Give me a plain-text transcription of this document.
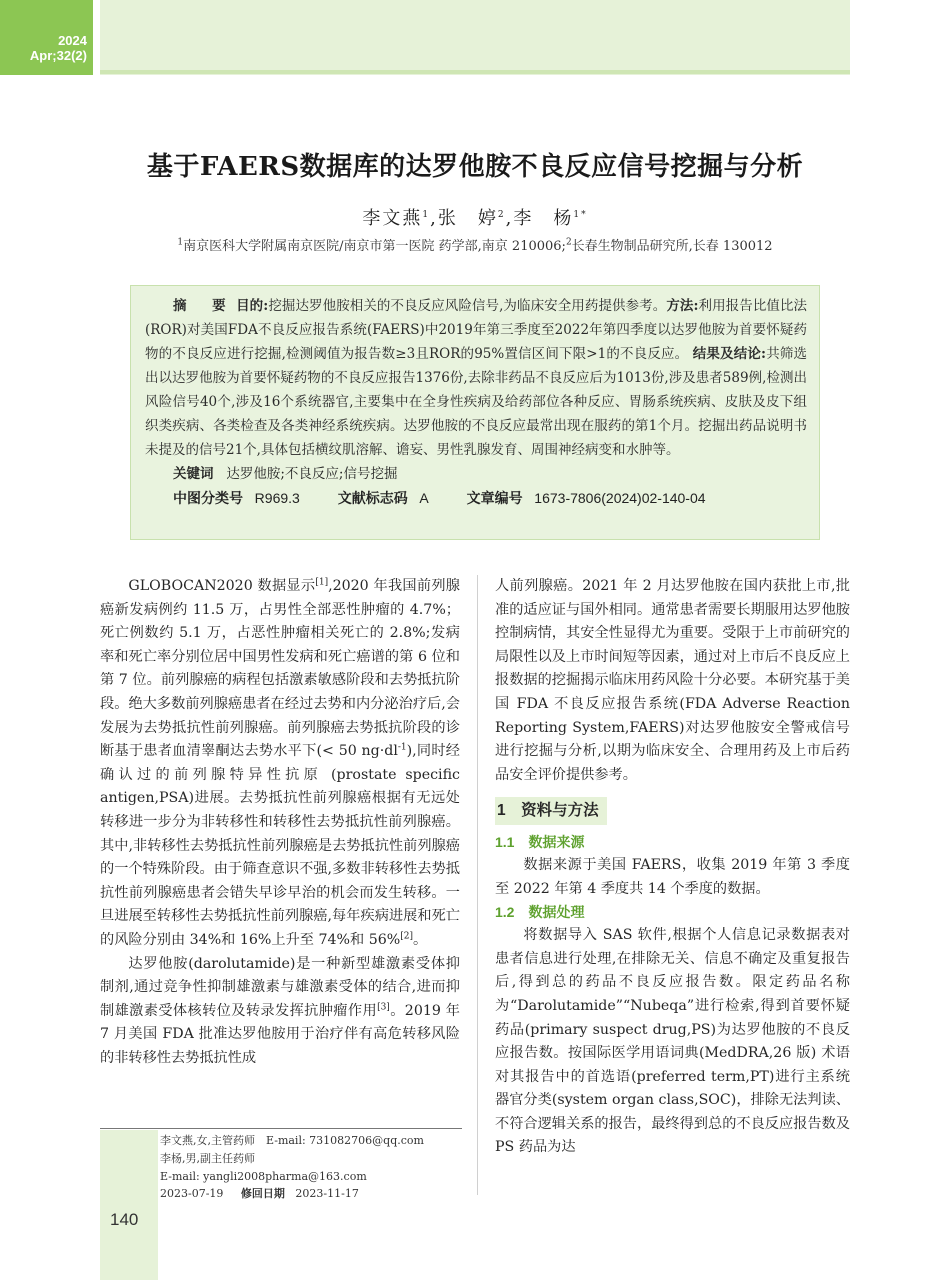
2024
Apr;32(2)
基于FAERS数据库的达罗他胺不良反应信号挖掘与分析
李文燕$^1$,张　婷$^2$,李　杨$^{1*}$
$^1$南京医科大学附属南京医院/南京市第一医院 药学部,南京 210006;$^2$长春生物制品研究所,长春 130012
摘　要 目的:挖掘达罗他胺相关的不良反应风险信号,为临床安全用药提供参考。方法:利用报告比值比法(ROR)对美国FDA不良反应报告系统(FAERS)中2019年第三季度至2022年第四季度以达罗他胺为首要怀疑药物的不良反应进行挖掘,检测阈值为报告数≥3且ROR的95%置信区间下限>1的不良反应。 结果及结论:共筛选出以达罗他胺为首要怀疑药物的不良反应报告1376份,去除非药品不良反应后为1013份,涉及患者589例,检测出风险信号40个,涉及16个系统器官,主要集中在全身性疾病及给药部位各种反应、胃肠系统疾病、皮肤及皮下组织类疾病、各类检查及各类神经系统疾病。达罗他胺的不良反应最常出现在服药的第1个月。挖掘出药品说明书未提及的信号21个,具体包括横纹肌溶解、谵妄、男性乳腺发育、周围神经病变和水肿等。
关键词 达罗他胺;不良反应;信号挖掘
中图分类号 R969.3	文献标志码 A	文章编号 1673-7806(2024)02-140-04

GLOBOCAN2020 数据显示[1],2020 年我国前列腺癌新发病例约 11.5 万，占男性全部恶性肿瘤的 4.7%；死亡例数约 5.1 万，占恶性肿瘤相关死亡的 2.8%;发病率和死亡率分别位居中国男性发病和死亡癌谱的第 6 位和第 7 位。前列腺癌的病程包括激素敏感阶段和去势抵抗阶段。绝大多数前列腺癌患者在经过去势和内分泌治疗后,会发展为去势抵抗性前列腺癌。前列腺癌去势抵抗阶段的诊断基于患者血清睾酮达去势水平下(< 50 $ng\cdot dl^{-1}$),同时经确认过的前列腺特异性抗原 (prostate specific antigen,PSA)进展。去势抵抗性前列腺癌根据有无远处转移进一步分为非转移性和转移性去势抵抗性前列腺癌。其中,非转移性去势抵抗性前列腺癌是去势抵抗性前列腺癌的一个特殊阶段。由于筛查意识不强,多数非转移性去势抵抗性前列腺癌患者会错失早诊早治的机会而发生转移。一旦进展至转移性去势抵抗性前列腺癌,每年疾病进展和死亡的风险分别由 34%和 16%上升至 74%和 56%[2]。

达罗他胺(darolutamide)是一种新型雄激素受体抑制剂,通过竞争性抑制雄激素与雄激素受体的结合,进而抑制雄激素受体核转位及转录发挥抗肿瘤作用[3]。2019 年 7 月美国 FDA 批准达罗他胺用于治疗伴有高危转移风险的非转移性去势抵抗性成

人前列腺癌。2021 年 2 月达罗他胺在国内获批上市,批准的适应证与国外相同。通常患者需要长期服用达罗他胺控制病情，其安全性显得尤为重要。受限于上市前研究的局限性以及上市时间短等因素，通过对上市后不良反应上报数据的挖掘揭示临床用药风险十分必要。本研究基于美国 FDA 不良反应报告系统(FDA Adverse Reaction Reporting System,FAERS)对达罗他胺安全警戒信号进行挖掘与分析,以期为临床安全、合理用药及上市后药品安全评价提供参考。

1　资料与方法
1.1　数据来源

数据来源于美国 FAERS，收集 2019 年第 3 季度至 2022 年第 4 季度共 14 个季度的数据。

1.2　数据处理

将数据导入 SAS 软件,根据个人信息记录数据表对患者信息进行处理,在排除无关、信息不确定及重复报告后,得到总的药品不良反应报告数。限定药品名称为“Darolutamide”“Nubeqa”进行检索,得到首要怀疑药品(primary suspect drug,PS)为达罗他胺的不良反应报告数。按国际医学用语词典(MedDRA,26 版) 术语对其报告中的首选语(preferred term,PT)进行主系统器官分类(system organ class,SOC)，排除无法判读、不符合逻辑关系的报告，最终得到总的不良反应报告数及 PS 药品为达

李文燕,女,主管药师　E-mail: 731082706@qq.com
李杨,男,副主任药师
E-mail: yangli2008pharma@163.com
2023-07-19 修回日期 2023-11-17
140
